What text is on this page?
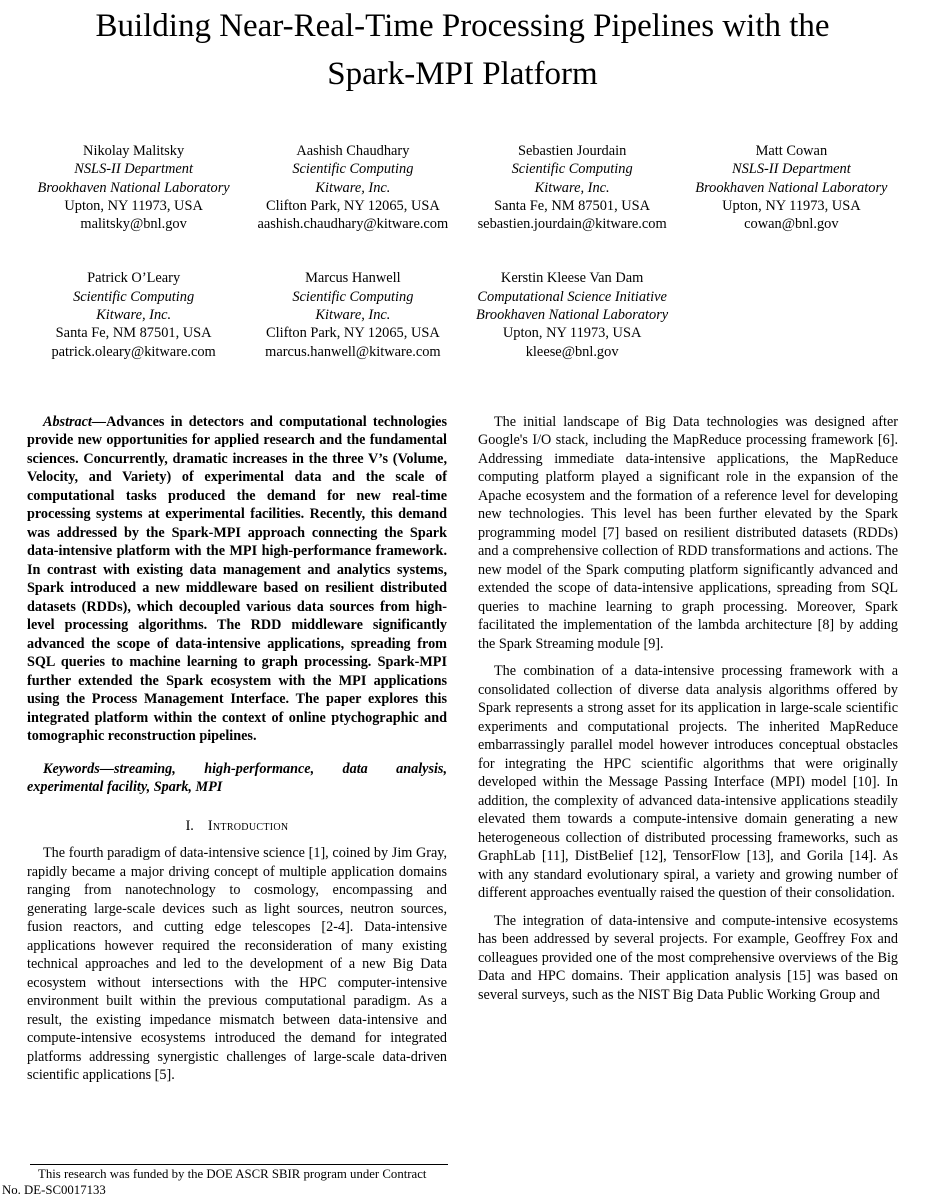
Building Near-Real-Time Processing Pipelines with the Spark-MPI Platform
Nikolay Malitsky
NSLS-II Department
Brookhaven National Laboratory
Upton, NY 11973, USA
malitsky@bnl.gov
Aashish Chaudhary
Scientific Computing
Kitware, Inc.
Clifton Park, NY 12065, USA
aashish.chaudhary@kitware.com
Sebastien Jourdain
Scientific Computing
Kitware, Inc.
Santa Fe, NM 87501, USA
sebastien.jourdain@kitware.com
Matt Cowan
NSLS-II Department
Brookhaven National Laboratory
Upton, NY 11973, USA
cowan@bnl.gov
Patrick O’Leary
Scientific Computing
Kitware, Inc.
Santa Fe, NM 87501, USA
patrick.oleary@kitware.com
Marcus Hanwell
Scientific Computing
Kitware, Inc.
Clifton Park, NY 12065, USA
marcus.hanwell@kitware.com
Kerstin Kleese Van Dam
Computational Science Initiative
Brookhaven National Laboratory
Upton, NY 11973, USA
kleese@bnl.gov

Abstract—Advances in detectors and computational technologies provide new opportunities for applied research and the fundamental sciences. Concurrently, dramatic increases in the three V’s (Volume, Velocity, and Variety) of experimental data and the scale of computational tasks produced the demand for new real-time processing systems at experimental facilities. Recently, this demand was addressed by the Spark-MPI approach connecting the Spark data-intensive platform with the MPI high-performance framework. In contrast with existing data management and analytics systems, Spark introduced a new middleware based on resilient distributed datasets (RDDs), which decoupled various data sources from high-level processing algorithms. The RDD middleware significantly advanced the scope of data-intensive applications, spreading from SQL queries to machine learning to graph processing. Spark-MPI further extended the Spark ecosystem with the MPI applications using the Process Management Interface. The paper explores this integrated platform within the context of online ptychographic and tomographic reconstruction pipelines.

Keywords—streaming, high-performance, data analysis, experimental facility, Spark, MPI

I. Introduction

The fourth paradigm of data-intensive science [1], coined by Jim Gray, rapidly became a major driving concept of multiple application domains ranging from nanotechnology to cosmology, encompassing and generating large-scale devices such as light sources, neutron sources, fusion reactors, and cutting edge telescopes [2-4]. Data-intensive applications however required the reconsideration of many existing technical approaches and led to the development of a new Big Data ecosystem without intersections with the HPC computer-intensive environment built within the previous computational paradigm. As a result, the existing impedance mismatch between data-intensive and compute-intensive ecosystems introduced the demand for integrated platforms addressing synergistic challenges of large-scale data-driven scientific applications [5].

The initial landscape of Big Data technologies was designed after Google's I/O stack, including the MapReduce processing framework [6]. Addressing immediate data-intensive applications, the MapReduce computing platform played a significant role in the expansion of the Apache ecosystem and the formation of a reference level for developing new technologies. This level has been further elevated by the Spark programming model [7] based on resilient distributed datasets (RDDs) and a comprehensive collection of RDD transformations and actions. The new model of the Spark computing platform significantly advanced and extended the scope of data-intensive applications, spreading from SQL queries to machine learning to graph processing. Moreover, Spark facilitated the implementation of the lambda architecture [8] by adding the Spark Streaming module [9].

The combination of a data-intensive processing framework with a consolidated collection of diverse data analysis algorithms offered by Spark represents a strong asset for its application in large-scale scientific experiments and computational projects. The inherited MapReduce embarrassingly parallel model however introduces conceptual obstacles for integrating the HPC scientific algorithms that were originally developed within the Message Passing Interface (MPI) model [10]. In addition, the complexity of advanced data-intensive applications steadily elevated them towards a compute-intensive domain generating a new heterogeneous collection of distributed processing frameworks, such as GraphLab [11], DistBelief [12], TensorFlow [13], and Gorila [14]. As with any standard evolutionary spiral, a variety and growing number of different approaches eventually raised the question of their consolidation.

The integration of data-intensive and compute-intensive ecosystems has been addressed by several projects. For example, Geoffrey Fox and colleagues provided one of the most comprehensive overviews of the Big Data and HPC domains. Their application analysis [15] was based on several surveys, such as the NIST Big Data Public Working Group and

This research was funded by the DOE ASCR SBIR program under Contract No. DE-SC0017133
